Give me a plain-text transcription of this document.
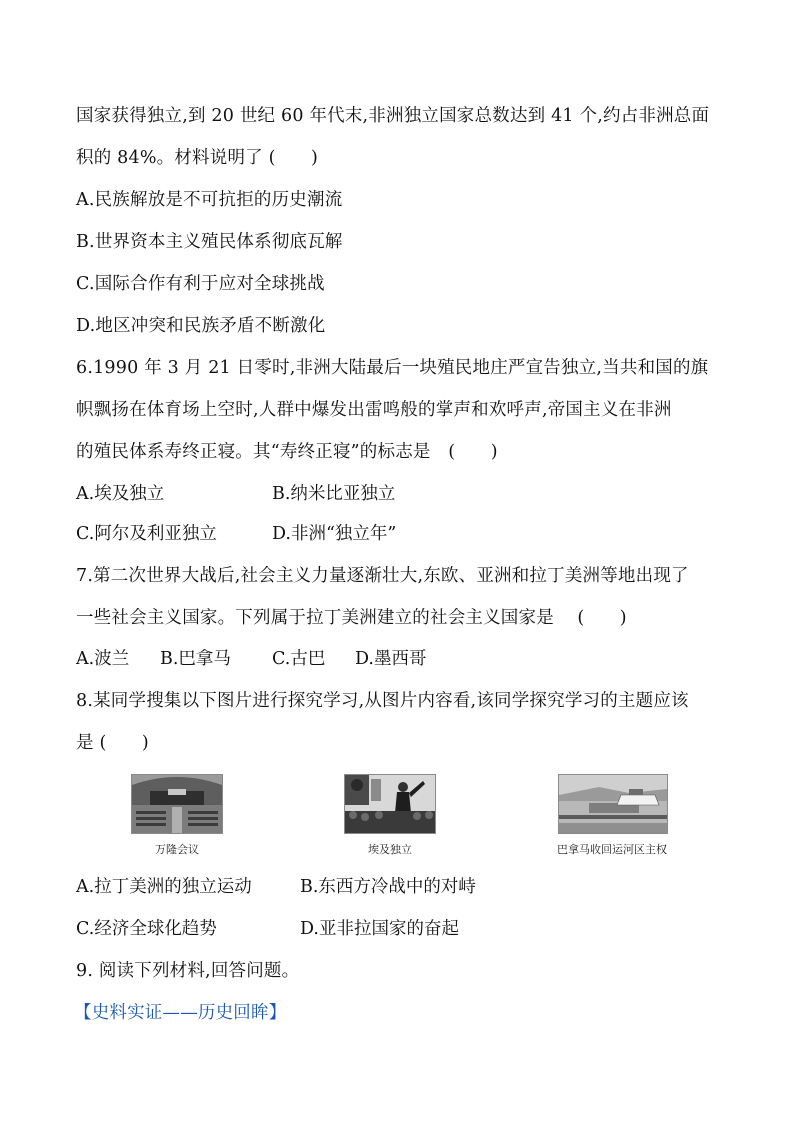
国家获得独立,到 20 世纪 60 年代末,非洲独立国家总数达到 41 个,约占非洲总面
积的 84%。材料说明了 (　　)
A.民族解放是不可抗拒的历史潮流
B.世界资本主义殖民体系彻底瓦解
C.国际合作有利于应对全球挑战
D.地区冲突和民族矛盾不断激化
6.1990 年 3 月 21 日零时,非洲大陆最后一块殖民地庄严宣告独立,当共和国的旗
帜飘扬在体育场上空时,人群中爆发出雷鸣般的掌声和欢呼声,帝国主义在非洲
的殖民体系寿终正寝。其“寿终正寝”的标志是　(　　)
A.埃及独立	B.纳米比亚独立
C.阿尔及利亚独立	D.非洲“独立年”
7.第二次世界大战后,社会主义力量逐渐壮大,东欧、亚洲和拉丁美洲等地出现了
一些社会主义国家。下列属于拉丁美洲建立的社会主义国家是　 (　　)
A.波兰 B.巴拿马 C.古巴 D.墨西哥
8.某同学搜集以下图片进行探究学习,从图片内容看,该同学探究学习的主题应该
是 (　　)
万隆会议	埃及独立	巴拿马收回运河区主权
A.拉丁美洲的独立运动	B.东西方冷战中的对峙
C.经济全球化趋势	D.亚非拉国家的奋起
9. 阅读下列材料,回答问题。
【史料实证——历史回眸】
